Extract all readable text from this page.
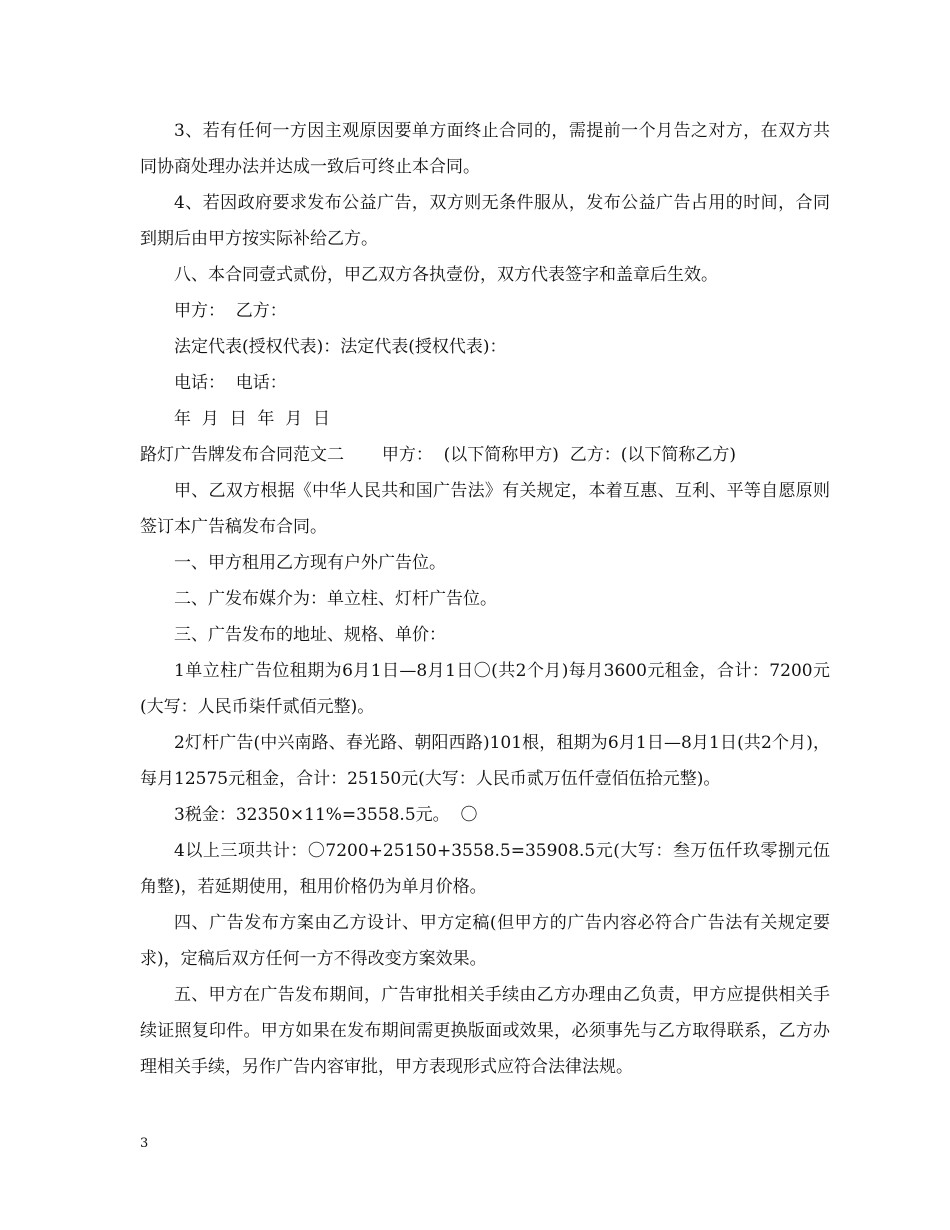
3、若有任何一方因主观原因要单方面终止合同的，需提前一个月告之对方，在双方共同协商处理办法并达成一致后可终止本合同。

4、若因政府要求发布公益广告，双方则无条件服从，发布公益广告占用的时间，合同到期后由甲方按实际补给乙方。

八、本合同壹式贰份，甲乙双方各执壹份，双方代表签字和盖章后生效。

甲方：  乙方：

法定代表(授权代表)：法定代表(授权代表)：

电话：  电话：

年  月  日  年  月  日

路灯广告牌发布合同范文二       甲方：  (以下简称甲方)  乙方：(以下简称乙方)

甲、乙双方根据《中华人民共和国广告法》有关规定，本着互惠、互利、平等自愿原则签订本广告稿发布合同。

一、甲方租用乙方现有户外广告位。

二、广发布媒介为：单立柱、灯杆广告位。

三、广告发布的地址、规格、单价：

1单立柱广告位租期为6月1日—8月1日〇(共2个月)每月3600元租金，合计：7200元(大写：人民币柒仟贰佰元整)。

2灯杆广告(中兴南路、春光路、朝阳西路)101根，租期为6月1日—8月1日(共2个月)，每月12575元租金，合计：25150元(大写：人民币贰万伍仟壹佰伍拾元整)。

3税金：32350×11%=3558.5元。  〇

4以上三项共计：〇7200+25150+3558.5=35908.5元(大写：叁万伍仟玖零捌元伍角整)，若延期使用，租用价格仍为单月价格。

四、广告发布方案由乙方设计、甲方定稿(但甲方的广告内容必符合广告法有关规定要求)，定稿后双方任何一方不得改变方案效果。

五、甲方在广告发布期间，广告审批相关手续由乙方办理由乙负责，甲方应提供相关手续证照复印件。甲方如果在发布期间需更换版面或效果，必须事先与乙方取得联系，乙方办理相关手续，另作广告内容审批，甲方表现形式应符合法律法规。

3
